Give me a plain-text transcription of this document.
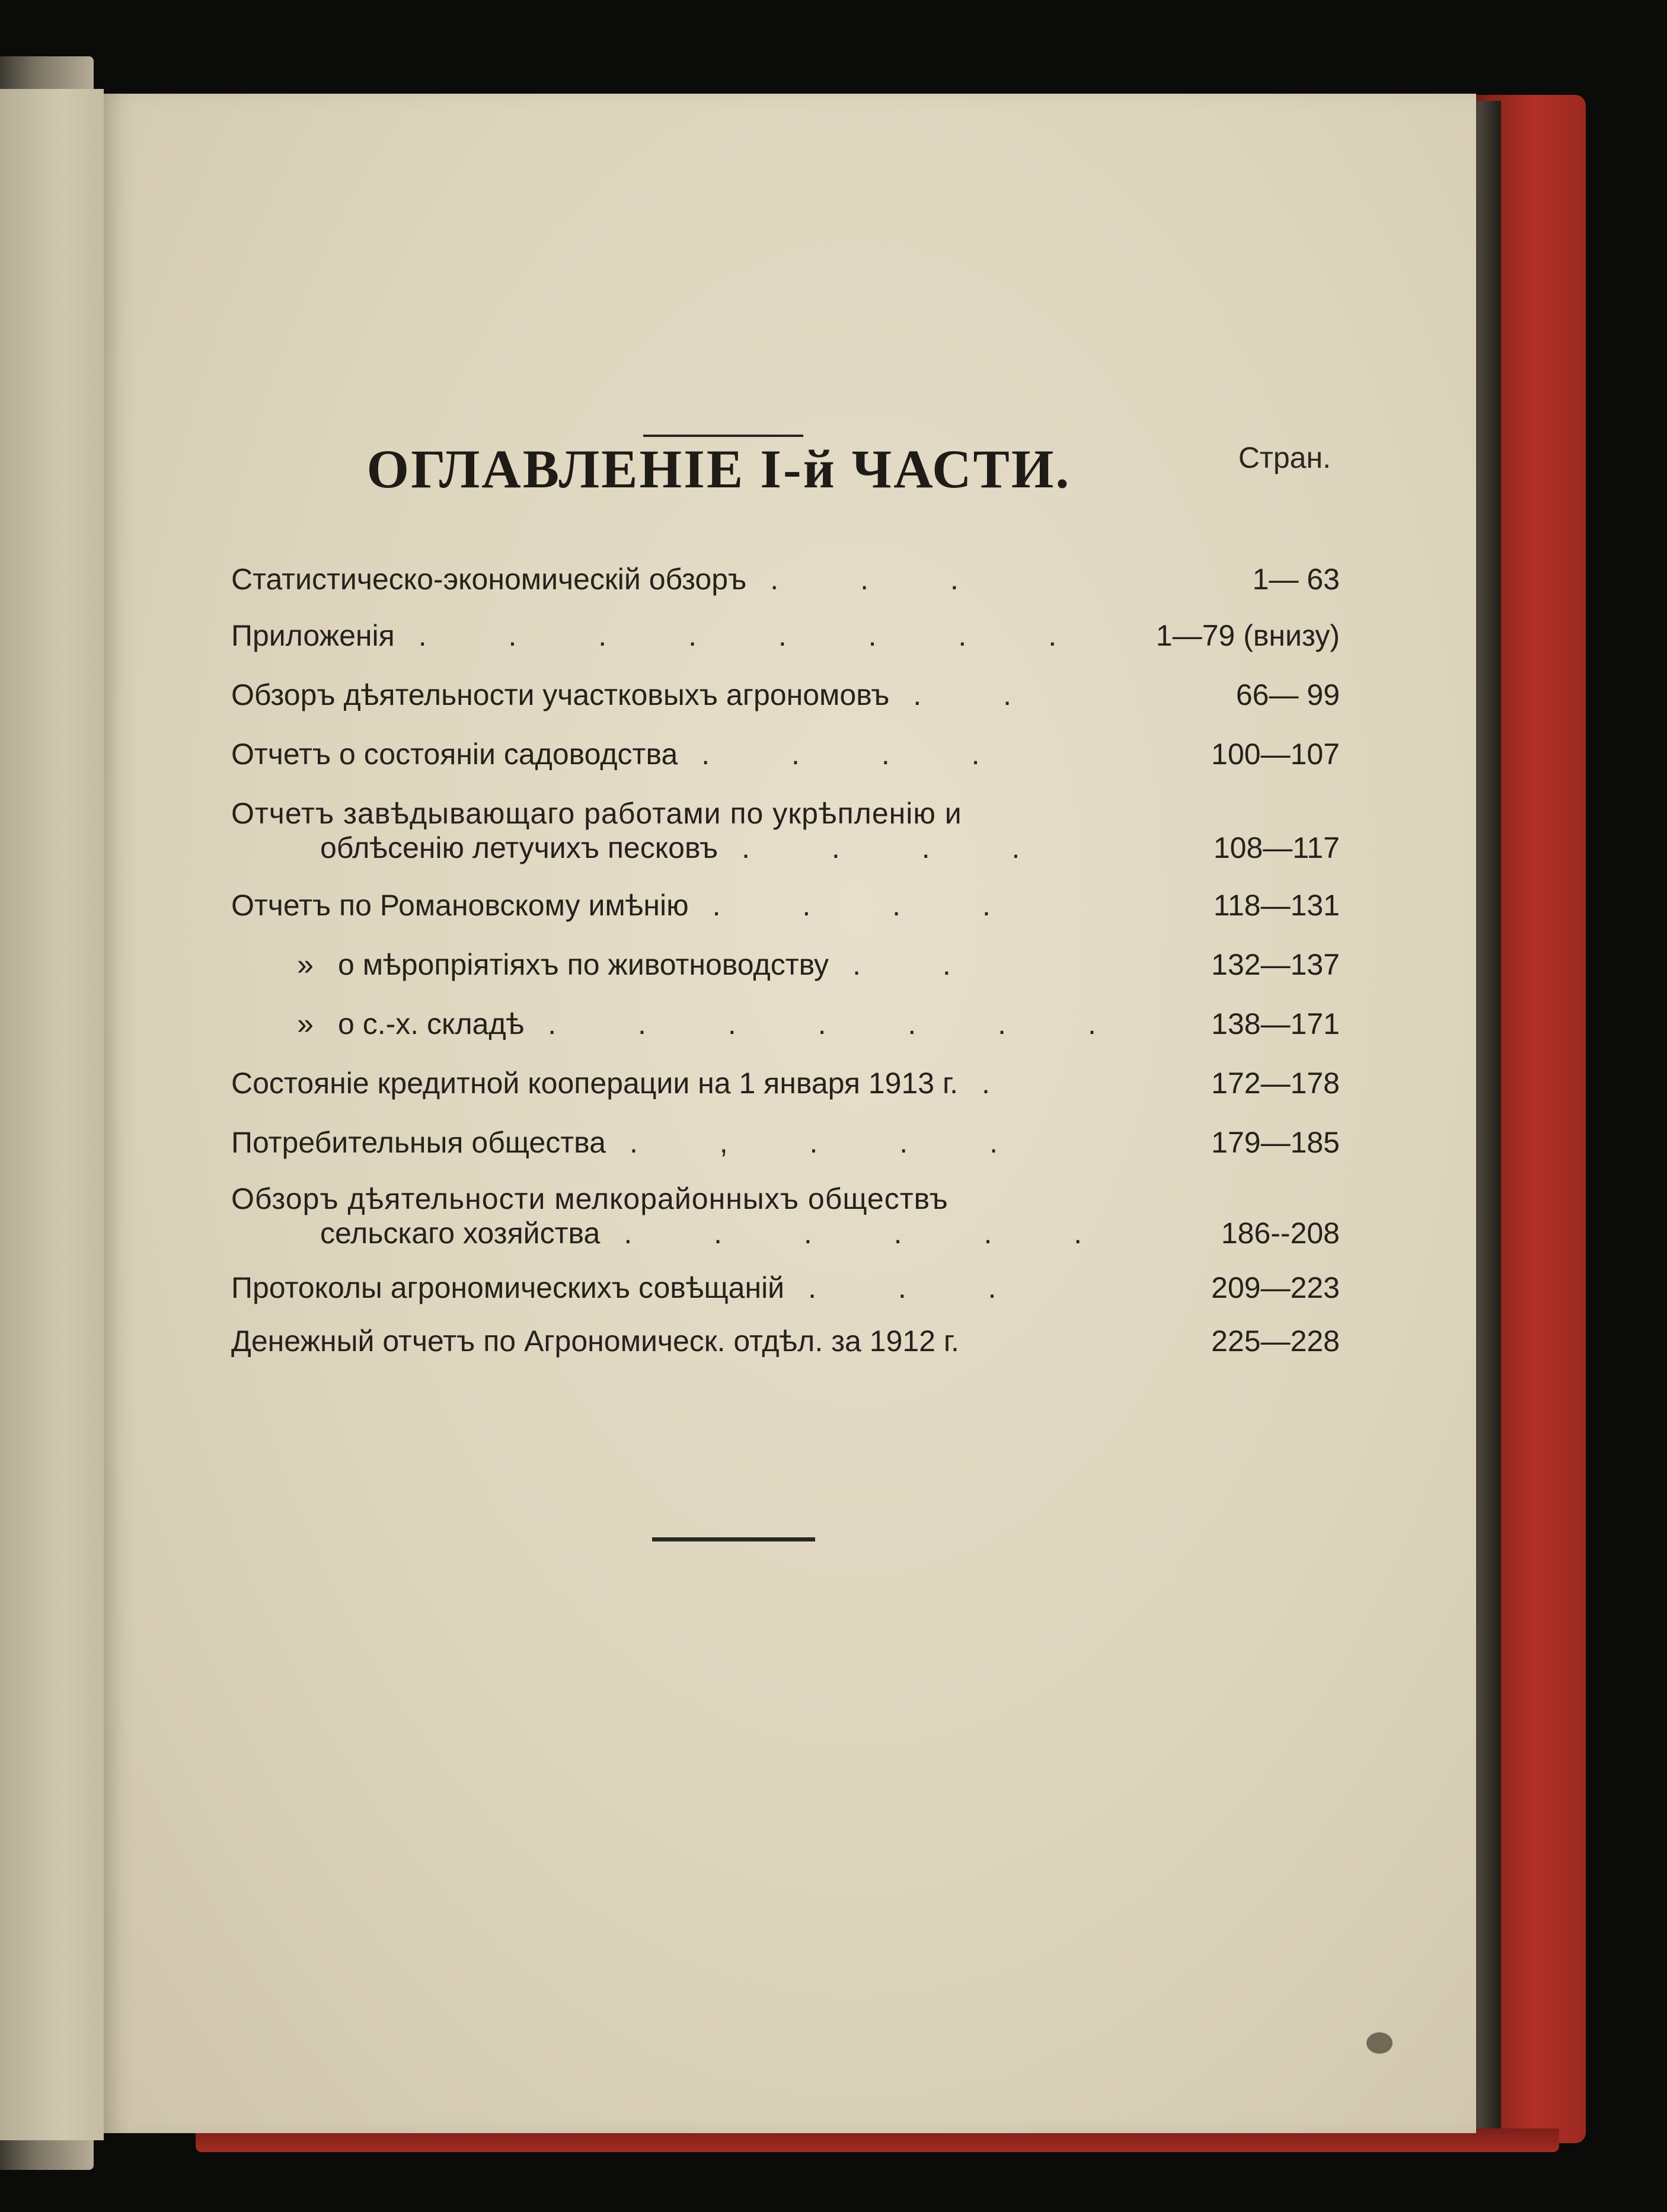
ОГЛАВЛЕНІЕ І-й ЧАСТИ.	Стран.
Статистическо-экономическій обзоръ . . .	1— 63
Приложенія . . . . . . . .	1—79 (внизу)
Обзоръ дѣятельности участковыхъ агрономовъ . .	66— 99
Отчетъ о состояніи садоводства . . . .	100—107
Отчетъ завѣдывающаго работами по укрѣпленію и
облѣсенію летучихъ песковъ . . . .	108—117
Отчетъ по Романовскому имѣнію . . . .	118—131
» о мѣропріятіяхъ по животноводству . .	132—137
» о с.-х. складѣ . . . . . . .	138—171
Состояніе кредитной кооперации на 1 января 1913 г. .	172—178
Потребительныя общества . , . . .	179—185
Обзоръ дѣятельности мелкорайонныхъ обществъ
сельскаго хозяйства . . . . . .	186--208
Протоколы агрономическихъ совѣщаній . . .	209—223
Денежный отчетъ по Агрономическ. отдѣл. за 1912 г.	225—228
